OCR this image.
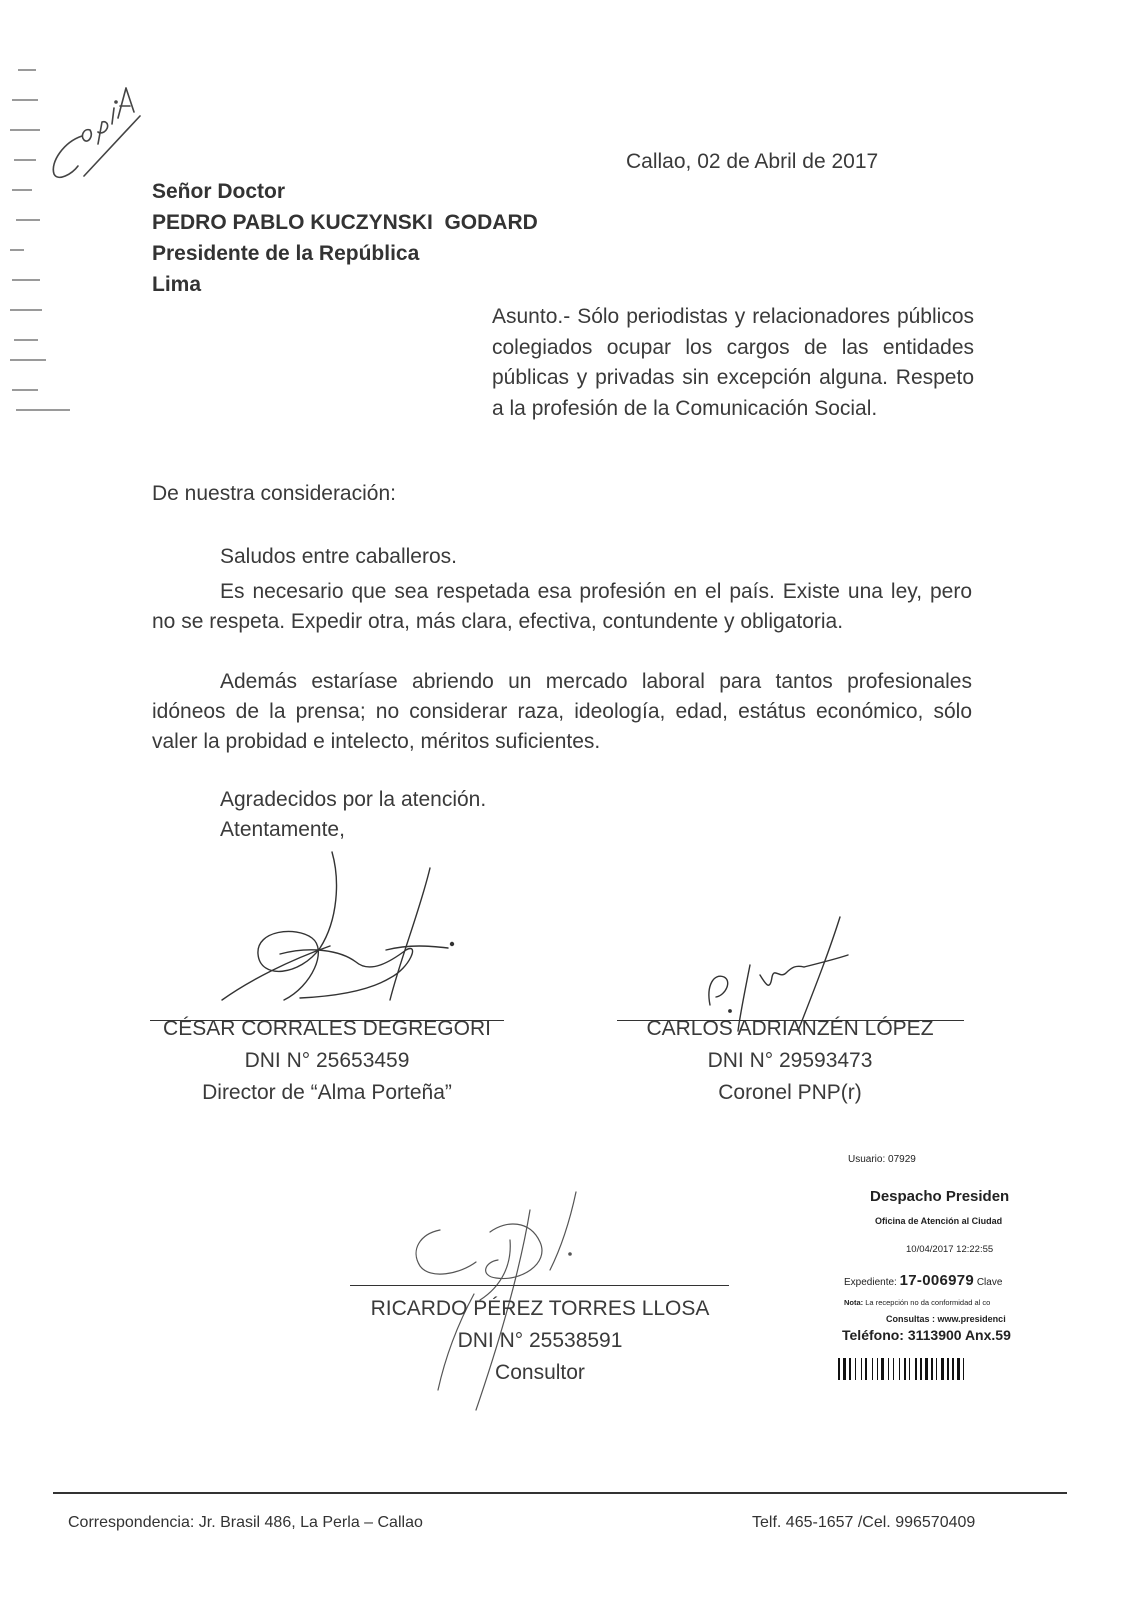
Callao, 02 de Abril de 2017
Señor Doctor
PEDRO PABLO KUCZYNSKI  GODARD
Presidente de la República
Lima
Asunto.- Sólo periodistas y relacionadores públicos colegiados ocupar los cargos de las entidades públicas y privadas sin excepción alguna. Respeto a la profesión de la Comunicación Social.
De nuestra consideración:
Saludos entre caballeros.
Es necesario que sea respetada esa profesión en el país. Existe una ley, pero no se respeta. Expedir otra, más clara, efectiva, contundente y obligatoria.
Además estaríase abriendo un mercado laboral para tantos profesionales idóneos de la prensa; no considerar raza, ideología, edad, estátus económico, sólo valer la probidad e intelecto, méritos suficientes.
Agradecidos por la atención.
Atentamente,
CÉSAR CORRALES DEGREGORI
DNI N° 25653459
Director de “Alma Porteña”
CARLOS ADRIANZÉN LÓPEZ
DNI N° 29593473
Coronel PNP(r)
RICARDO PÉREZ TORRES LLOSA
DNI N° 25538591
Consultor
Usuario: 07929
Despacho Presiden
Oficina de Atención al Ciudad
10/04/2017 12:22:55
Expediente: 17-006979 Clave
Nota: La recepción no da conformidad al co
Consultas : www.presidenci
Teléfono: 3113900 Anx.59
Correspondencia: Jr. Brasil 486, La Perla – Callao	Telf. 465-1657 /Cel. 996570409
